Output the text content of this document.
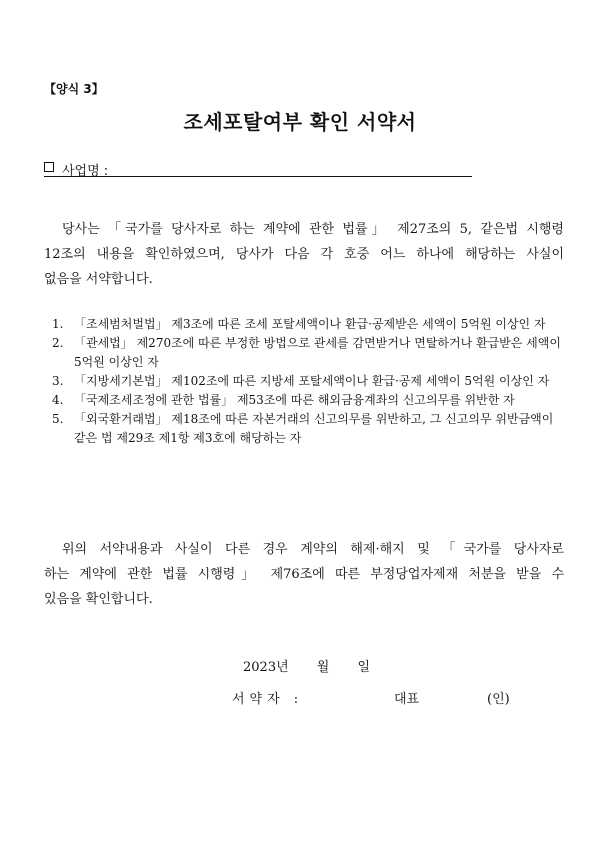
【양식 3】
조세포탈여부 확인 서약서
사업명 :
당사는 「국가를 당사자로 하는 계약에 관한 법률」 제27조의 5, 같은법 시행령
12조의 내용을 확인하였으며, 당사가 다음 각 호중 어느 하나에 해당하는 사실이
없음을 서약합니다.
1. 「조세범처벌법」 제3조에 따른 조세 포탈세액이나 환급·공제받은 세액이 5억원 이상인 자
2. 「관세법」 제270조에 따른 부정한 방법으로 관세를 감면받거나 면탈하거나 환급받은 세액이 5억원 이상인 자
3. 「지방세기본법」 제102조에 따른 지방세 포탈세액이나 환급·공제 세액이 5억원 이상인 자
4. 「국제조세조정에 관한 법률」 제53조에 따른 해외금융계좌의 신고의무를 위반한 자
5. 「외국환거래법」 제18조에 따른 자본거래의 신고의무를 위반하고, 그 신고의무 위반금액이 같은 법 제29조 제1항 제3호에 해당하는 자
위의 서약내용과 사실이 다른 경우 계약의 해제·해지 및 「국가를 당사자로
하는 계약에 관한 법률 시행령」 제76조에 따른 부정당업자제재 처분을 받을 수
있음을 확인합니다.
2023년 월 일
서약자 :	대표	(인)
